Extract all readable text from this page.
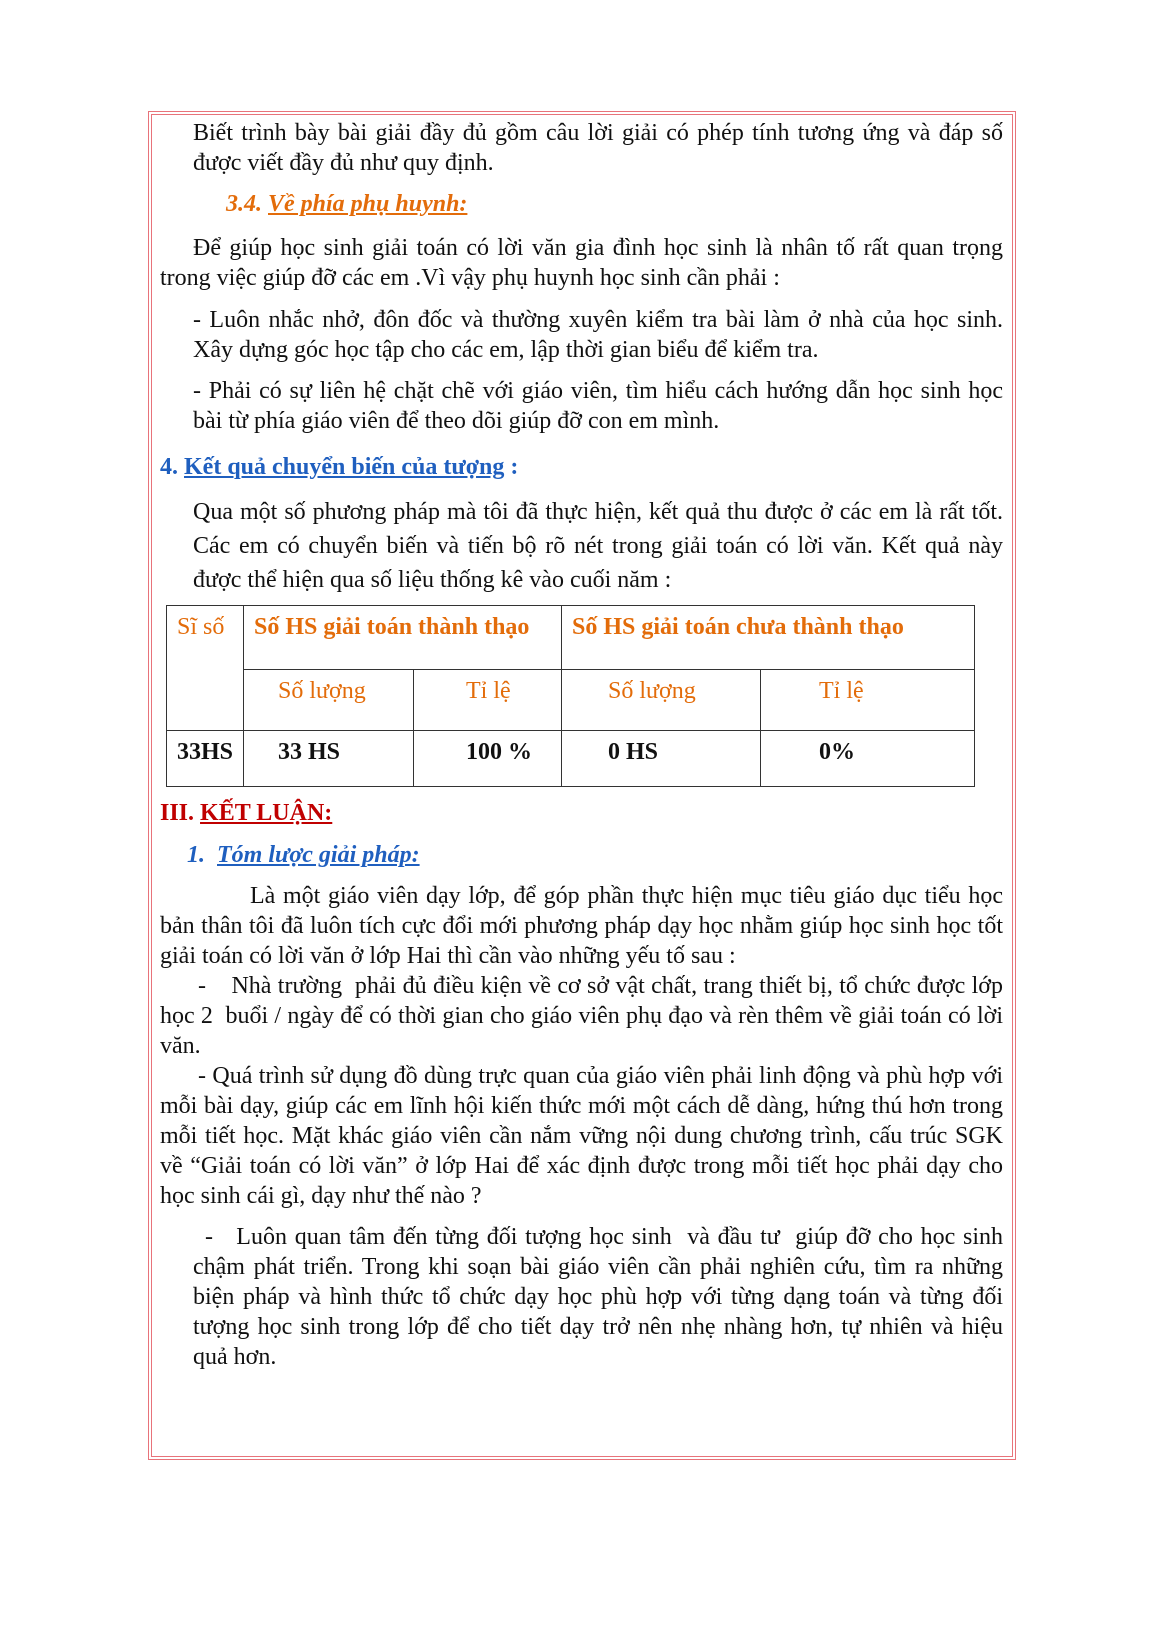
Biết trình bày bài giải đầy đủ gồm câu lời giải có phép tính tương ứng và đáp số được viết đầy đủ như quy định.

3.4. Về phía phụ huynh:

Để giúp học sinh giải toán có lời văn gia đình học sinh là nhân tố rất quan trọng trong việc giúp đỡ các em .Vì vậy phụ huynh học sinh cần phải :

- Luôn nhắc nhở, đôn đốc và thường xuyên kiểm tra bài làm ở nhà của học sinh. Xây dựng góc học tập cho các em, lập thời gian biểu để kiểm tra.

- Phải có sự liên hệ chặt chẽ với giáo viên, tìm hiểu cách hướng dẫn học sinh học bài từ phía giáo viên để theo dõi giúp đỡ con em mình.

4. Kết quả chuyển biến của tượng :

Qua một số phương pháp mà tôi đã thực hiện, kết quả thu được ở các em là rất tốt. Các em có chuyển biến và tiến bộ rõ nét trong giải toán có lời văn. Kết quả này được thể hiện qua số liệu thống kê vào cuối năm :

Sĩ số	Số HS giải toán thành thạo		Số HS giải toán chưa thành thạo	
	Số lượng	Tỉ lệ	Số lượng	Tỉ lệ
33HS	33 HS	100 %	0 HS	0%

III. KẾT LUẬN:

1. Tóm lược giải pháp:

Là một giáo viên dạy lớp, để góp phần thực hiện mục tiêu giáo dục tiểu học bản thân tôi đã luôn tích cực đổi mới phương pháp dạy học nhằm giúp học sinh học tốt giải toán có lời văn ở lớp Hai thì cần vào những yếu tố sau :

-    Nhà trường  phải đủ điều kiện về cơ sở vật chất, trang thiết bị, tổ chức được lớp học 2  buổi / ngày để có thời gian cho giáo viên phụ đạo và rèn thêm về giải toán có lời văn.

- Quá trình sử dụng đồ dùng trực quan của giáo viên phải linh động và phù hợp với mỗi bài dạy, giúp các em lĩnh hội kiến thức mới một cách dễ dàng, hứng thú hơn trong mỗi tiết học. Mặt khác giáo viên cần nắm vững nội dung chương trình, cấu trúc SGK về “Giải toán có lời văn” ở lớp Hai để xác định được trong mỗi tiết học phải dạy cho học sinh cái gì, dạy như thế nào ?

-   Luôn quan tâm đến từng đối tượng học sinh  và đầu tư  giúp đỡ cho học sinh chậm phát triển. Trong khi soạn bài giáo viên cần phải nghiên cứu, tìm ra những biện pháp và hình thức tổ chức dạy học phù hợp với từng dạng toán và từng đối tượng học sinh trong lớp để cho tiết dạy trở nên nhẹ nhàng hơn, tự nhiên và hiệu quả hơn.
